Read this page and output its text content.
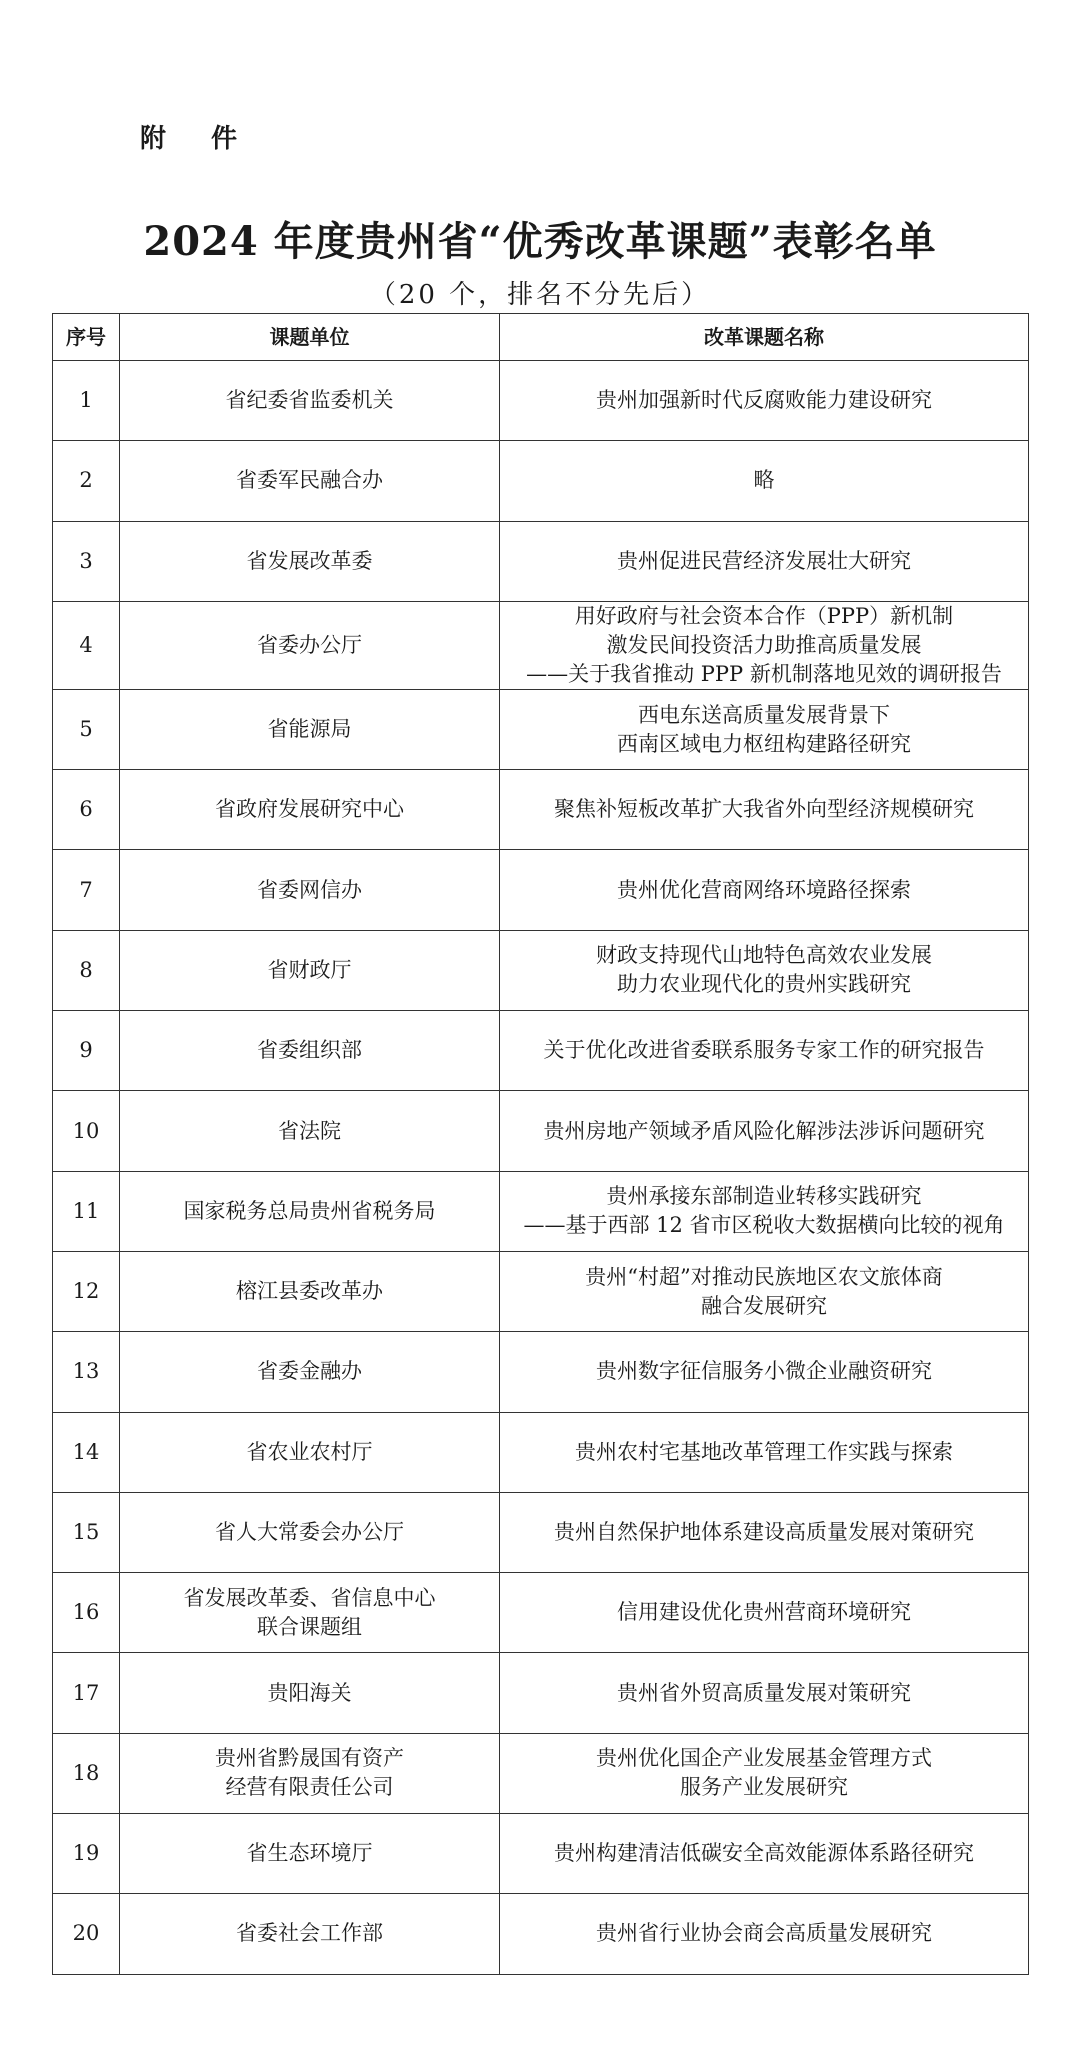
附 件
2024 年度贵州省“优秀改革课题”表彰名单
（20 个，排名不分先后）
序号	课题单位	改革课题名称
1	省纪委省监委机关	贵州加强新时代反腐败能力建设研究

2	省委军民融合办	略

3	省发展改革委	贵州促进民营经济发展壮大研究

4	省委办公厅	用好政府与社会资本合作（PPP）新机制
激发民间投资活力助推高质量发展
——关于我省推动 PPP 新机制落地见效的调研报告

5	省能源局	西电东送高质量发展背景下
西南区域电力枢纽构建路径研究

6	省政府发展研究中心	聚焦补短板改革扩大我省外向型经济规模研究

7	省委网信办	贵州优化营商网络环境路径探索

8	省财政厅	财政支持现代山地特色高效农业发展
助力农业现代化的贵州实践研究

9	省委组织部	关于优化改进省委联系服务专家工作的研究报告

10	省法院	贵州房地产领域矛盾风险化解涉法涉诉问题研究

11	国家税务总局贵州省税务局	贵州承接东部制造业转移实践研究
——基于西部 12 省市区税收大数据横向比较的视角

12	榕江县委改革办	贵州“村超”对推动民族地区农文旅体商
融合发展研究

13	省委金融办	贵州数字征信服务小微企业融资研究

14	省农业农村厅	贵州农村宅基地改革管理工作实践与探索

15	省人大常委会办公厅	贵州自然保护地体系建设高质量发展对策研究

16	省发展改革委、省信息中心
联合课题组	信用建设优化贵州营商环境研究

17	贵阳海关	贵州省外贸高质量发展对策研究

18	贵州省黔晟国有资产
经营有限责任公司	贵州优化国企产业发展基金管理方式
服务产业发展研究

19	省生态环境厅	贵州构建清洁低碳安全高效能源体系路径研究

20	省委社会工作部	贵州省行业协会商会高质量发展研究
